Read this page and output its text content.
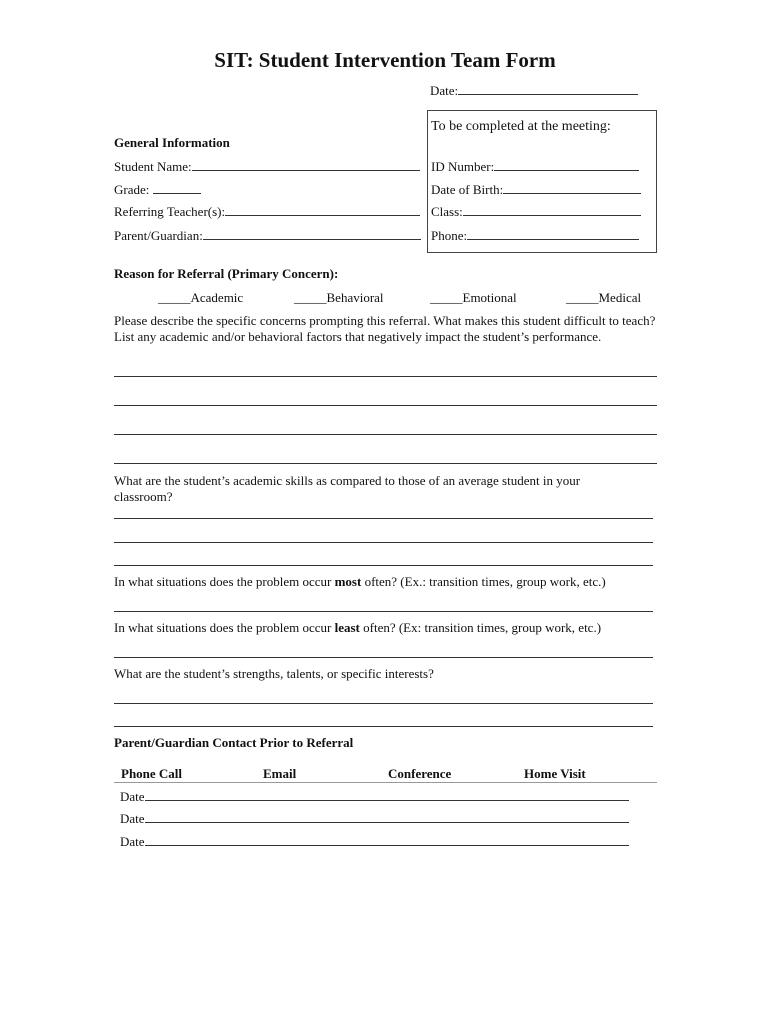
SIT: Student Intervention Team Form
Date:
To be completed at the meeting:
ID Number:
Date of Birth:
Class:
Phone:
General Information
Student Name:
Grade:
Referring Teacher(s):
Parent/Guardian:
Reason for Referral (Primary Concern):
_____Academic	_____Behavioral	_____Emotional	_____Medical
Please describe the specific concerns prompting this referral. What makes this student difficult to teach? List any academic and/or behavioral factors that negatively impact the student’s performance.
What are the student’s academic skills as compared to those of an average student in your classroom?
In what situations does the problem occur most often? (Ex.: transition times, group work, etc.)
In what situations does the problem occur least often? (Ex: transition times, group work, etc.)
What are the student’s strengths, talents, or specific interests?
Parent/Guardian Contact Prior to Referral
Phone Call	Email	Conference	Home Visit
Date
Date
Date
